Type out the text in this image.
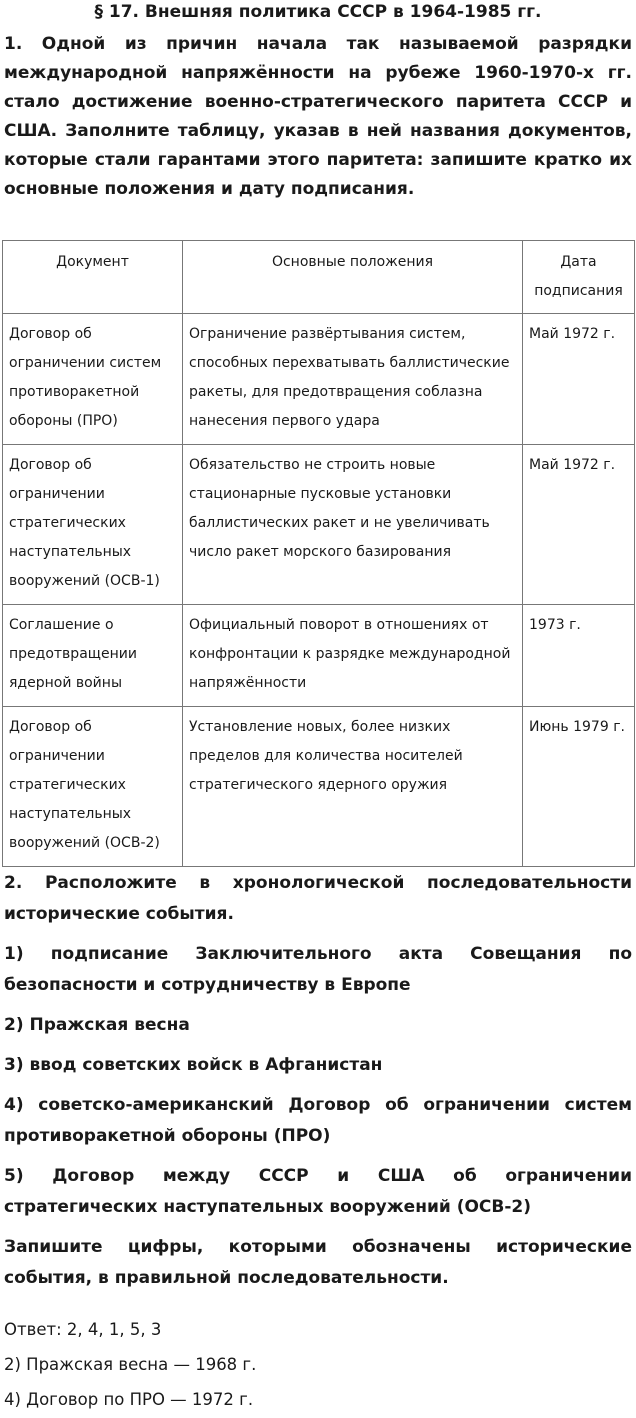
§ 17. Внешняя политика СССР в 1964-1985 гг.
1. Одной из причин начала так называемой разрядки международной напряжённости на рубеже 1960-1970-х гг. стало достижение военно-стратегического паритета СССР и США. Заполните таблицу, указав в ней названия документов, которые стали гарантами этого паритета: запишите кратко их основные положения и дату подписания.
Документ	Основные положения	Дата подписания
Договор об ограничении систем противоракетной обороны (ПРО)	Ограничение развёртывания систем, способных перехватывать баллистические ракеты, для предотвращения соблазна нанесения первого удара	Май 1972 г.
Договор об ограничении стратегических наступательных вооружений (ОСВ-1)	Обязательство не строить новые стационарные пусковые установки баллистических ракет и не увеличивать число ракет морского базирования	Май 1972 г.
Соглашение о предотвращении ядерной войны	Официальный поворот в отношениях от конфронтации к разрядке международной напряжённости	1973 г.
Договор об ограничении стратегических наступательных вооружений (ОСВ-2)	Установление новых, более низких пределов для количества носителей стратегического ядерного оружия	Июнь 1979 г.

2. Расположите в хронологической последовательности исторические события.

1) подписание Заключительного акта Совещания по безопасности и сотрудничеству в Европе

2) Пражская весна

3) ввод советских войск в Афганистан

4) советско-американский Договор об ограничении систем противоракетной обороны (ПРО)

5) Договор между СССР и США об ограничении стратегических наступательных вооружений (ОСВ-2)

Запишите цифры, которыми обозначены исторические события, в правильной последовательности.

Ответ: 2, 4, 1, 5, 3
2) Пражская весна — 1968 г.
4) Договор по ПРО — 1972 г.
